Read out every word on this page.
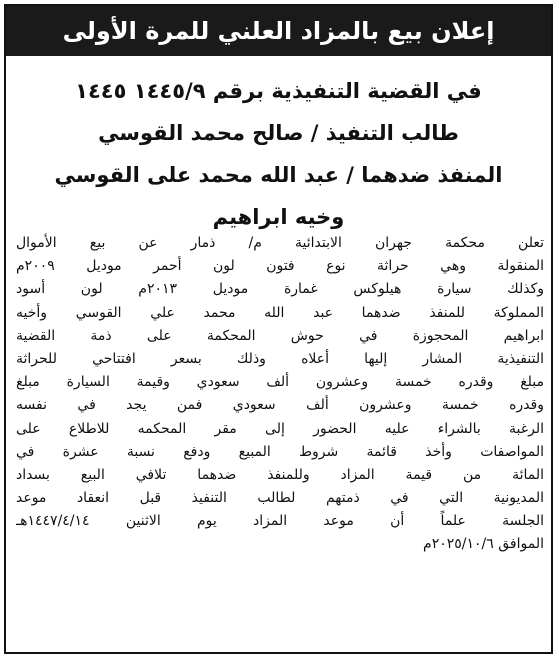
إعلان بيع بالمزاد العلني للمرة الأولى
في القضية التنفيذية برقم ١٤٤٥/٩ ١٤٤٥
طالب التنفيذ / صالح محمد القوسي
المنفذ ضدهما / عبد الله محمد على القوسي
وخيه ابراهيم
تعلن محكمة جهران الابتدائية م/ ذمار عن بيع الأموال
المنقولة وهي حراثة نوع فتون لون أحمر موديل ٢٠٠٩م
وكذلك سيارة هيلوكس غمارة موديل ٢٠١٣م لون أسود
المملوكة للمنفذ ضدهما عبد الله محمد علي القوسي وأخيه
ابراهيم المحجوزة في حوش المحكمة على ذمة القضية
التنفيذية المشار إليها أعلاه وذلك بسعر افتتاحي للحراثة
مبلغ وقدره خمسة وعشرون ألف سعودي وقيمة السيارة مبلغ
وقدره خمسة وعشرون ألف سعودي فمن يجد في نفسه
الرغبة بالشراء عليه الحضور إلى مقر المحكمه للاطلاع على
المواصفات وأخذ قائمة شروط المبيع ودفع نسبة عشرة في
المائة من قيمة المزاد وللمنفذ ضدهما تلافي البيع بسداد
المديونية التي في ذمتهم لطالب التنفيذ قبل انعقاد موعد
الجلسة علماً أن موعد المزاد يوم الاثنين ١٤٤٧/٤/١٤هـ
الموافق ٢٠٢٥/١٠/٦م
